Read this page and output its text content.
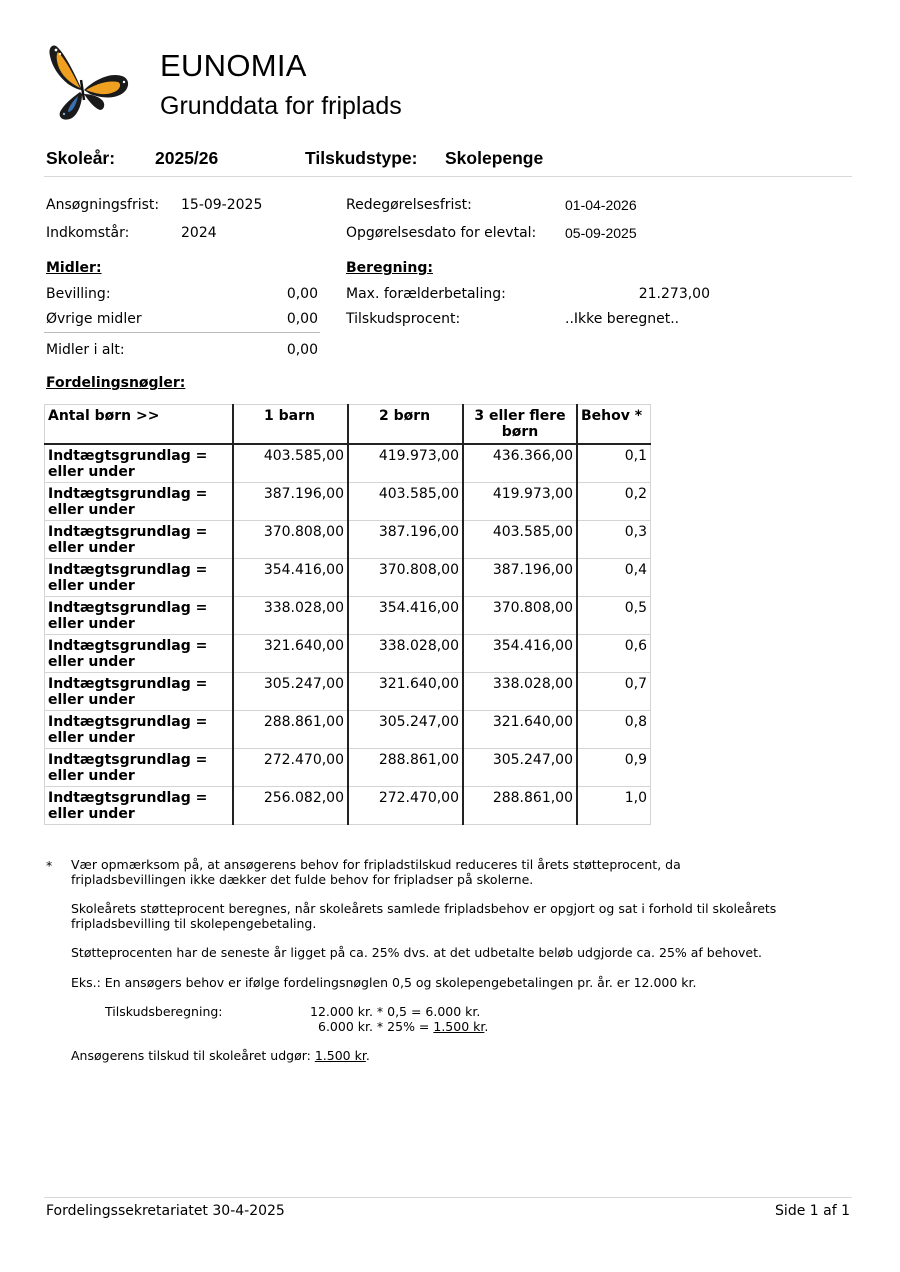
EUNOMIA
Grunddata for friplads
Skoleår: 2025/26	Tilskudstype: Skolepenge
Ansøgningsfrist: 15-09-2025
Indkomstår:	2024
Redegørelsesfrist:	01-04-2026
Opgørelsesdato for elevtal: 05-09-2025
Midler:
Bevilling:	0,00
Øvrige midler	0,00
Midler i alt:	0,00
Beregning:
Max. forælderbetaling:	21.273,00
Tilskudsprocent:	..Ikke beregnet..
Fordelingsnøgler:
Antal børn >>	1 barn	2 børn	3 eller flere børn	Behov *
Indtægtsgrundlag = eller under	403.585,00	419.973,00	436.366,00	0,1
Indtægtsgrundlag = eller under	387.196,00	403.585,00	419.973,00	0,2
Indtægtsgrundlag = eller under	370.808,00	387.196,00	403.585,00	0,3
Indtægtsgrundlag = eller under	354.416,00	370.808,00	387.196,00	0,4
Indtægtsgrundlag = eller under	338.028,00	354.416,00	370.808,00	0,5
Indtægtsgrundlag = eller under	321.640,00	338.028,00	354.416,00	0,6
Indtægtsgrundlag = eller under	305.247,00	321.640,00	338.028,00	0,7
Indtægtsgrundlag = eller under	288.861,00	305.247,00	321.640,00	0,8
Indtægtsgrundlag = eller under	272.470,00	288.861,00	305.247,00	0,9
Indtægtsgrundlag = eller under	256.082,00	272.470,00	288.861,00	1,0
* Vær opmærksom på, at ansøgerens behov for fripladstilskud reduceres til årets støtteprocent, da fripladsbevillingen ikke dækker det fulde behov for fripladser på skolerne.
Skoleårets støtteprocent beregnes, når skoleårets samlede fripladsbehov er opgjort og sat i forhold til skoleårets fripladsbevilling til skolepengebetaling.
Støtteprocenten har de seneste år ligget på ca. 25% dvs. at det udbetalte beløb udgjorde ca. 25% af behovet.
Eks.: En ansøgers behov er ifølge fordelingsnøglen 0,5 og skolepengebetalingen pr. år. er 12.000 kr.
Tilskudsberegning:	12.000 kr. * 0,5 = 6.000 kr.
6.000 kr. * 25% = 1.500 kr.
Ansøgerens tilskud til skoleåret udgør: 1.500 kr.
Fordelingssekretariatet 30-4-2025	Side 1 af 1
